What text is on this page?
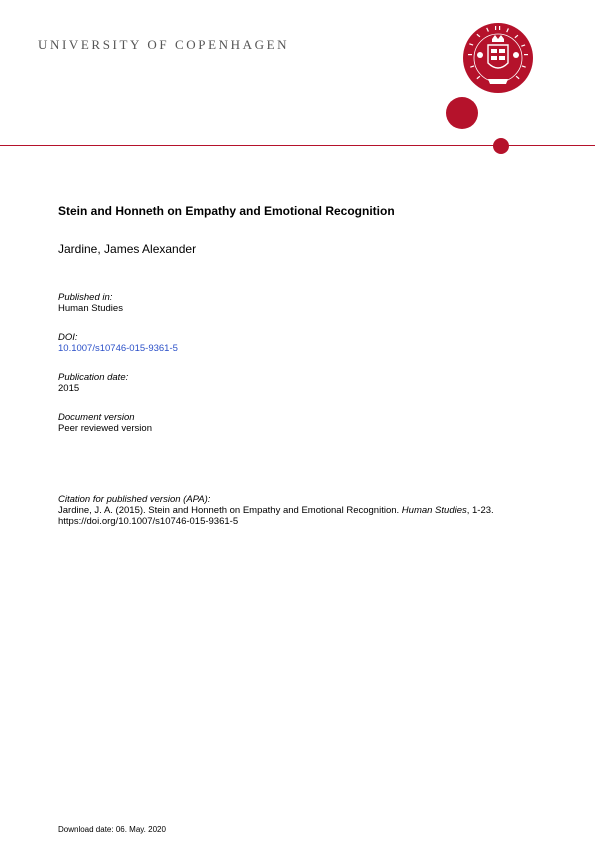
UNIVERSITY OF COPENHAGEN
Stein and Honneth on Empathy and Emotional Recognition
Jardine, James Alexander
Published in:
Human Studies
DOI:
10.1007/s10746-015-9361-5
Publication date:
2015
Document version
Peer reviewed version
Citation for published version (APA):
Jardine, J. A. (2015). Stein and Honneth on Empathy and Emotional Recognition. Human Studies, 1-23.
https://doi.org/10.1007/s10746-015-9361-5
Download date: 06. May. 2020
